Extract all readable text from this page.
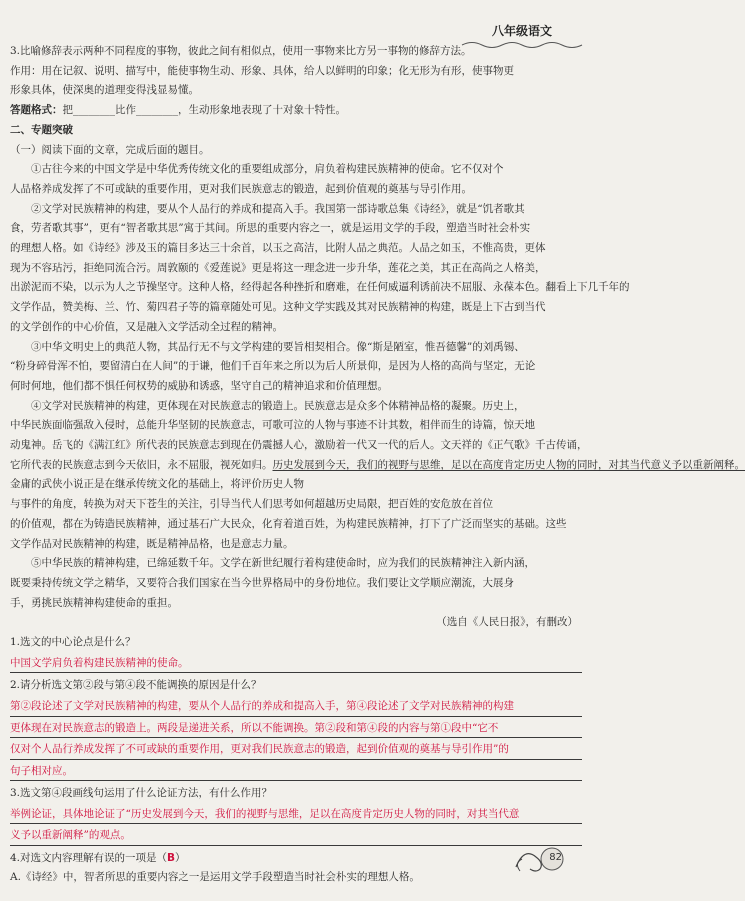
八年级语文
3.比喻修辞表示两种不同程度的事物，彼此之间有相似点，使用一事物来比方另一事物的修辞方法。
作用：用在记叙、说明、描写中，能使事物生动、形象、具体，给人以鲜明的印象；化无形为有形，使事物更
形象具体，使深奥的道理变得浅显易懂。
答题格式：把________比作________，生动形象地表现了十对象十特性。
二、专题突破
（一）阅读下面的文章，完成后面的题目。
①古往今来的中国文学是中华优秀传统文化的重要组成部分，肩负着构建民族精神的使命。它不仅对个
人品格养成发挥了不可或缺的重要作用，更对我们民族意志的锻造，起到价值观的奠基与导引作用。
②文学对民族精神的构建，要从个人品行的养成和提高入手。我国第一部诗歌总集《诗经》，就是“饥者歌其
食，劳者歌其事”，更有“智者歌其思”寓于其间。所思的重要内容之一，就是运用文学的手段，塑造当时社会朴实
的理想人格。如《诗经》涉及玉的篇目多达三十余首，以玉之高洁，比附人品之典范。人品之如玉，不惟高贵，更体
现为不容玷污，拒绝同流合污。周敦颐的《爱莲说》更是将这一理念进一步升华，莲花之美，其正在高尚之人格美，
出淤泥而不染，以示为人之节操坚守。这种人格，经得起各种挫折和磨难，在任何威逼利诱前决不屈服、永葆本色。翻看上下几千年的
文学作品，赞美梅、兰、竹、菊四君子等的篇章随处可见。这种文学实践及其对民族精神的构建，既是上下古到当代
的文学创作的中心价值，又是融入文学活动全过程的精神。
③中华文明史上的典范人物，其品行无不与文学构建的要旨相契相合。像“斯是陋室，惟吾德馨”的刘禹锡、
“粉身碎骨浑不怕，要留清白在人间”的于谦，他们千百年来之所以为后人所景仰，是因为人格的高尚与坚定，无论
何时何地，他们都不惧任何权势的威胁和诱惑，坚守自己的精神追求和价值理想。
④文学对民族精神的构建，更体现在对民族意志的锻造上。民族意志是众多个体精神品格的凝聚。历史上，
中华民族面临强敌入侵时，总能升华坚韧的民族意志，可歌可泣的人物与事迹不计其数，相伴而生的诗篇，惊天地
动鬼神。岳飞的《满江红》所代表的民族意志到现在仍震撼人心，激励着一代又一代的后人。文天祥的《正气歌》千古传诵，
它所代表的民族意志到今天依旧，永不屈服，视死如归。历史发展到今天，我们的视野与思维，足以在高度肯定历史人物的同时，对其当代意义予以重新阐释。
金庸的武侠小说正是在继承传统文化的基础上，将评价历史人物
与事件的角度，转换为对天下苍生的关注，引导当代人们思考如何超越历史局限，把百姓的安危放在首位
的价值观，都在为铸造民族精神，通过基石广大民众，化育着道百姓，为构建民族精神，打下了广泛而坚实的基础。这些
文学作品对民族精神的构建，既是精神品格，也是意志力量。
⑤中华民族的精神构建，已绵延数千年。文学在新世纪履行着构建使命时，应为我们的民族精神注入新内涵，
既要秉持传统文学之精华，又要符合我们国家在当今世界格局中的身份地位。我们要让文学顺应潮流，大展身
手，勇挑民族精神构建使命的重担。
（选自《人民日报》，有删改）
1.选文的中心论点是什么？
中国文学肩负着构建民族精神的使命。
2.请分析选文第②段与第④段不能调换的原因是什么？
第②段论述了文学对民族精神的构建，要从个人品行的养成和提高入手，第④段论述了文学对民族精神的构建
更体现在对民族意志的锻造上。两段是递进关系，所以不能调换。第②段和第④段的内容与第①段中“它不
仅对个人品行养成发挥了不可或缺的重要作用，更对我们民族意志的锻造，起到价值观的奠基与导引作用”的
句子相对应。
3.选文第④段画线句运用了什么论证方法，有什么作用？
举例论证，具体地论证了“历史发展到今天，我们的视野与思维，足以在高度肯定历史人物的同时，对其当代意
义予以重新阐释”的观点。
4.对选文内容理解有误的一项是（B）
A.《诗经》中，智者所思的重要内容之一是运用文学手段塑造当时社会朴实的理想人格。
82
